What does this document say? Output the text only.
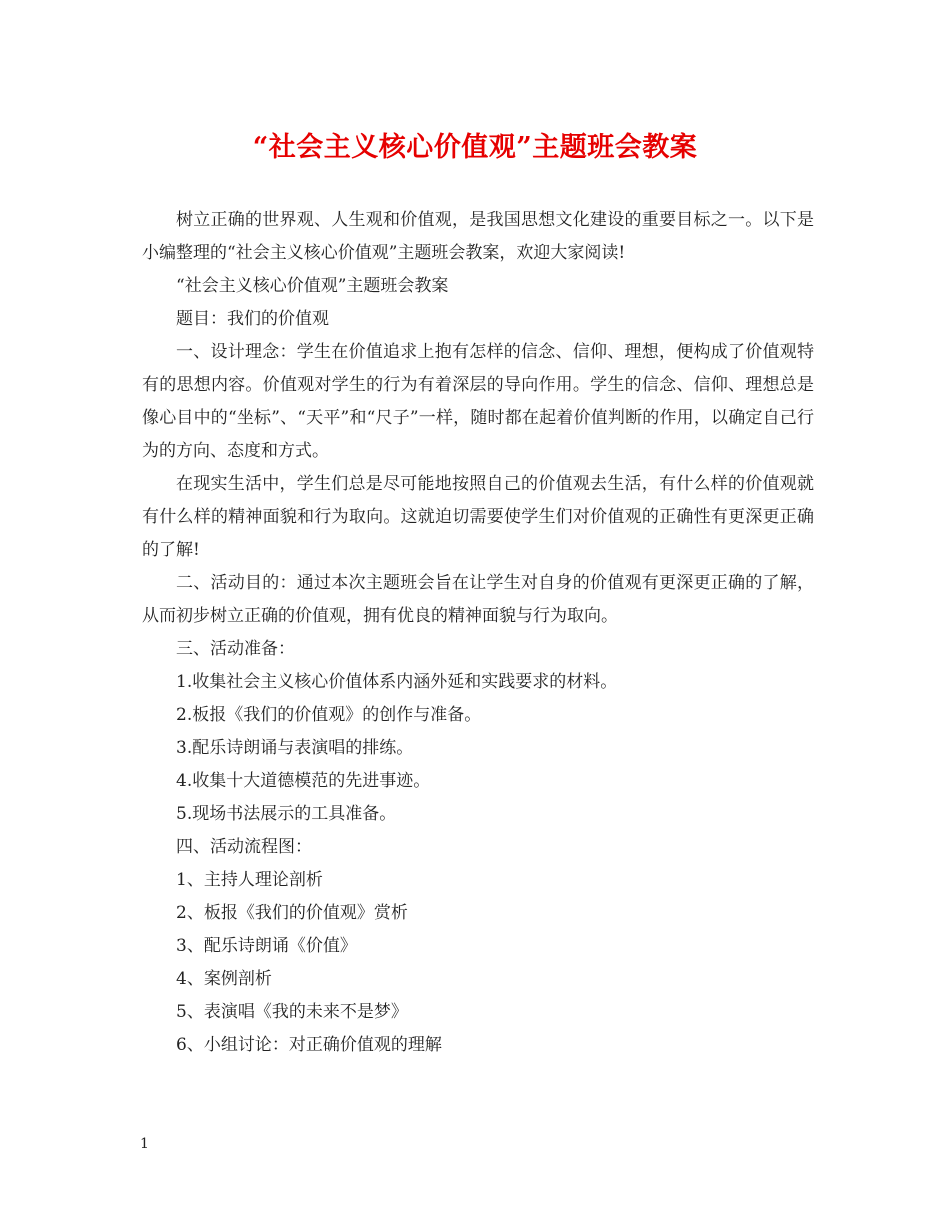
“社会主义核心价值观”主题班会教案

树立正确的世界观、人生观和价值观，是我国思想文化建设的重要目标之一。以下是小编整理的“社会主义核心价值观”主题班会教案，欢迎大家阅读!

“社会主义核心价值观”主题班会教案

题目：我们的价值观

一、设计理念：学生在价值追求上抱有怎样的信念、信仰、理想，便构成了价值观特有的思想内容。价值观对学生的行为有着深层的导向作用。学生的信念、信仰、理想总是像心目中的“坐标”、“天平”和“尺子”一样，随时都在起着价值判断的作用，以确定自己行为的方向、态度和方式。

在现实生活中，学生们总是尽可能地按照自己的价值观去生活，有什么样的价值观就有什么样的精神面貌和行为取向。这就迫切需要使学生们对价值观的正确性有更深更正确的了解!

二、活动目的：通过本次主题班会旨在让学生对自身的价值观有更深更正确的了解，从而初步树立正确的价值观，拥有优良的精神面貌与行为取向。

三、活动准备：

1.收集社会主义核心价值体系内涵外延和实践要求的材料。

2.板报《我们的价值观》的创作与准备。

3.配乐诗朗诵与表演唱的排练。

4.收集十大道德模范的先进事迹。

5.现场书法展示的工具准备。

四、活动流程图：

1、主持人理论剖析

2、板报《我们的价值观》赏析

3、配乐诗朗诵《价值》

4、案例剖析

5、表演唱《我的未来不是梦》

6、小组讨论：对正确价值观的理解

1
